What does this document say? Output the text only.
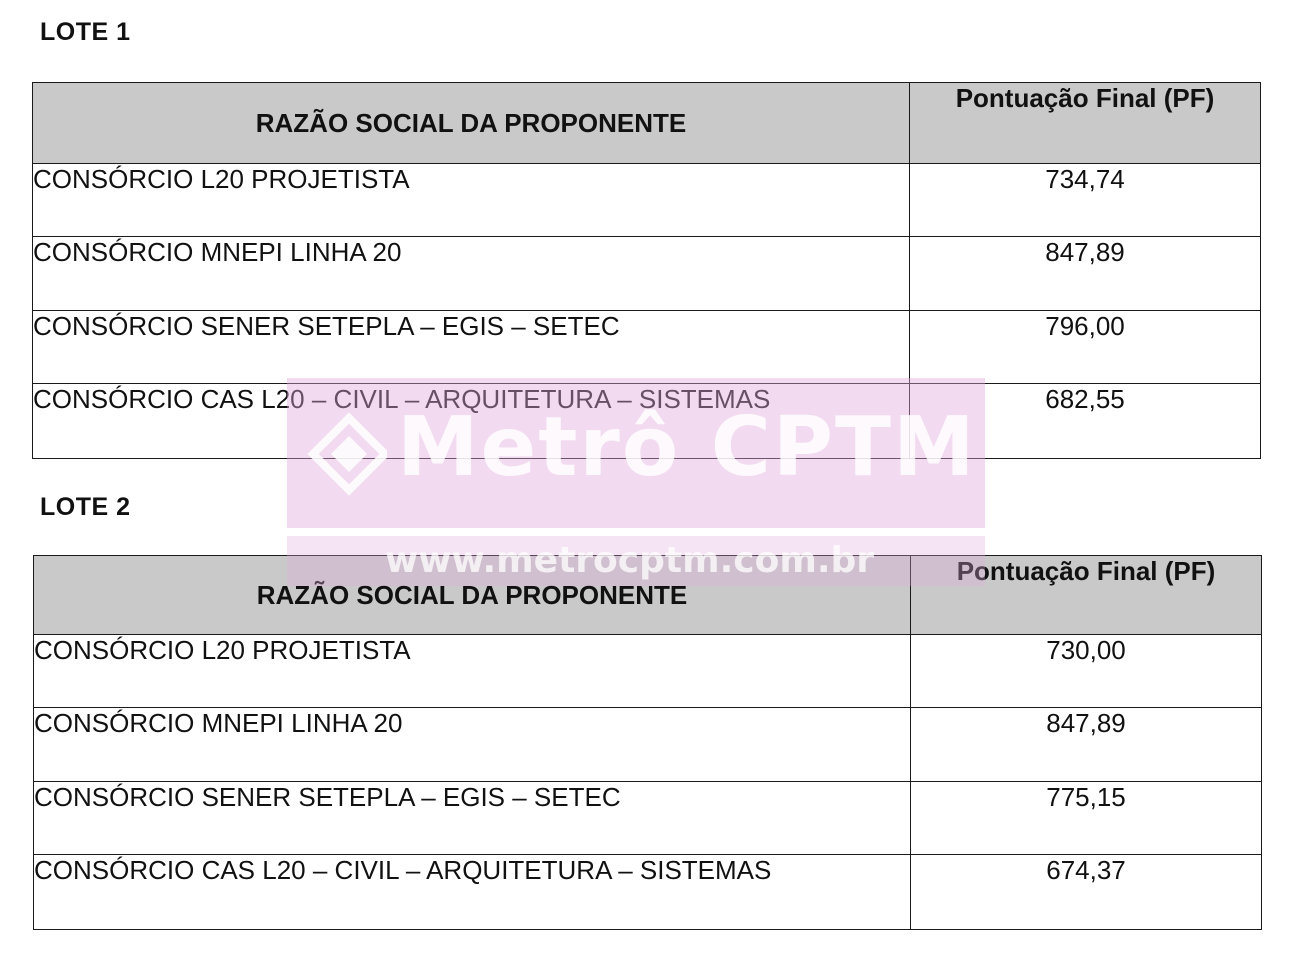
LOTE 1
RAZÃO SOCIAL DA PROPONENTE	Pontuação Final (PF)
CONSÓRCIO L20 PROJETISTA	734,74
CONSÓRCIO MNEPI LINHA 20	847,89
CONSÓRCIO SENER SETEPLA – EGIS – SETEC	796,00
CONSÓRCIO CAS L20 – CIVIL – ARQUITETURA – SISTEMAS	682,55
LOTE 2
RAZÃO SOCIAL DA PROPONENTE	Pontuação Final (PF)
CONSÓRCIO L20 PROJETISTA	730,00
CONSÓRCIO MNEPI LINHA 20	847,89
CONSÓRCIO SENER SETEPLA – EGIS – SETEC	775,15
CONSÓRCIO CAS L20 – CIVIL – ARQUITETURA – SISTEMAS	674,37
Metrô CPTM
www.metrocptm.com.br
